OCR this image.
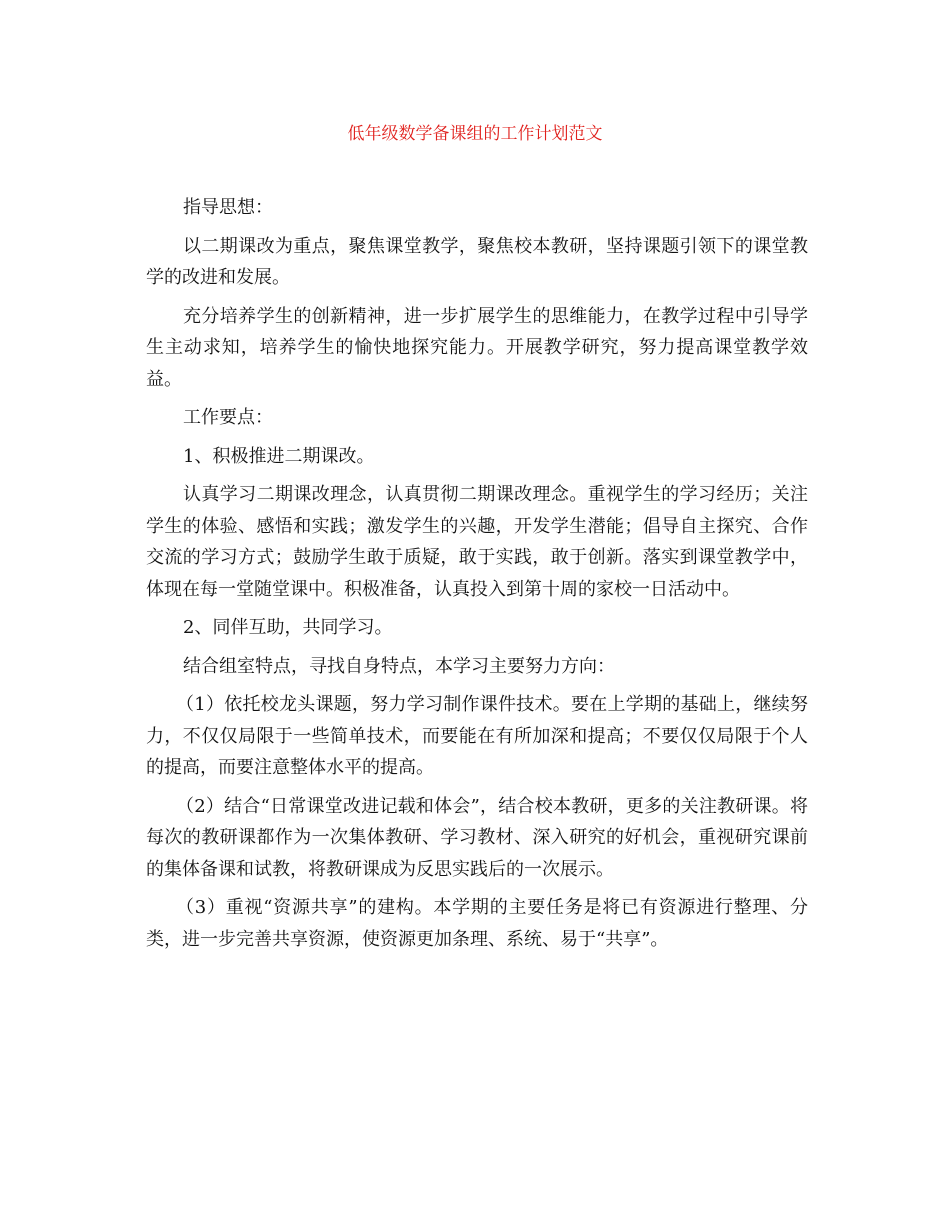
低年级数学备课组的工作计划范文

指导思想：

以二期课改为重点，聚焦课堂教学，聚焦校本教研，坚持课题引领下的课堂教学的改进和发展。

充分培养学生的创新精神，进一步扩展学生的思维能力，在教学过程中引导学生主动求知，培养学生的愉快地探究能力。开展教学研究，努力提高课堂教学效益。

工作要点：

1、积极推进二期课改。

认真学习二期课改理念，认真贯彻二期课改理念。重视学生的学习经历；关注学生的体验、感悟和实践；激发学生的兴趣，开发学生潜能；倡导自主探究、合作交流的学习方式；鼓励学生敢于质疑，敢于实践，敢于创新。落实到课堂教学中，体现在每一堂随堂课中。积极准备，认真投入到第十周的家校一日活动中。

2、同伴互助，共同学习。

结合组室特点，寻找自身特点，本学习主要努力方向：

（1）依托校龙头课题，努力学习制作课件技术。要在上学期的基础上，继续努力，不仅仅局限于一些简单技术，而要能在有所加深和提高；不要仅仅局限于个人的提高，而要注意整体水平的提高。

（2）结合“日常课堂改进记载和体会”，结合校本教研，更多的关注教研课。将每次的教研课都作为一次集体教研、学习教材、深入研究的好机会，重视研究课前的集体备课和试教，将教研课成为反思实践后的一次展示。

（3）重视“资源共享”的建构。本学期的主要任务是将已有资源进行整理、分类，进一步完善共享资源，使资源更加条理、系统、易于“共享”。
